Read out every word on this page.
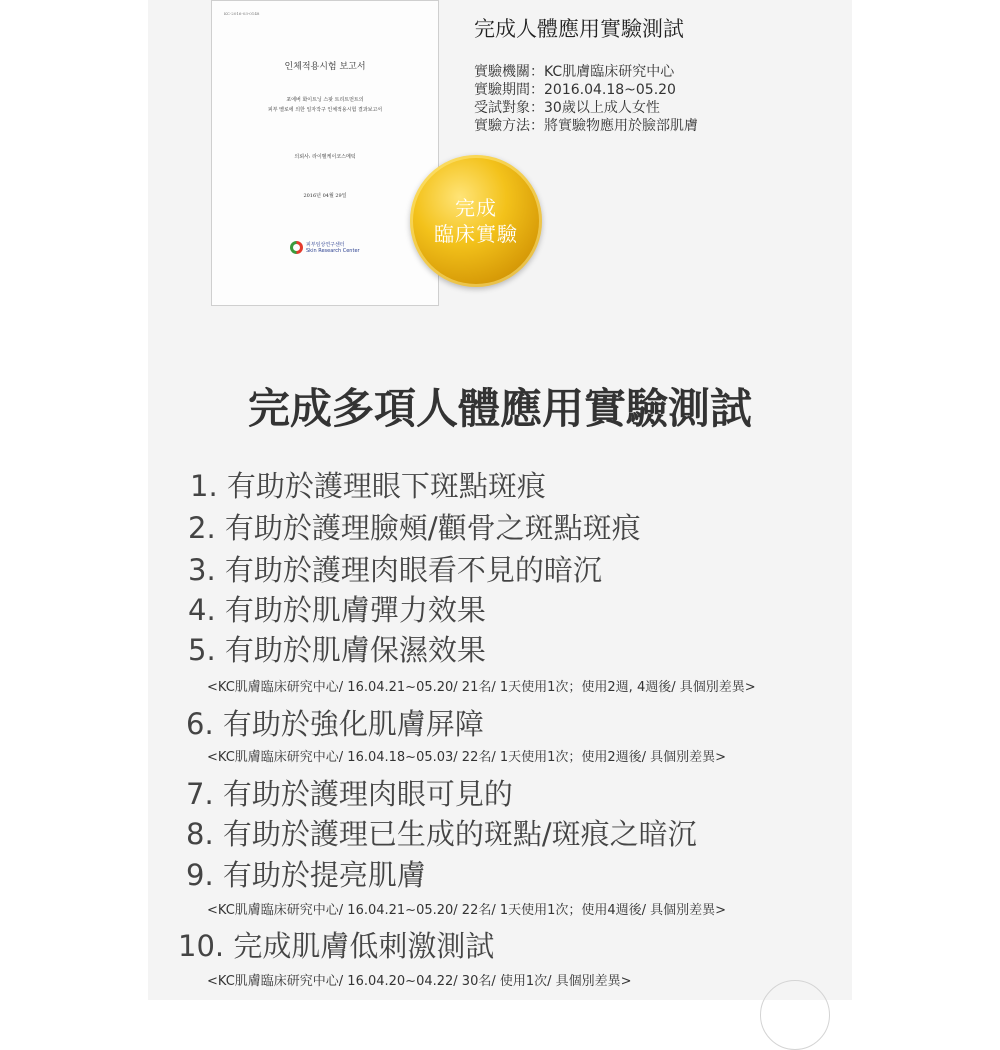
KC-2016-03-0148
인체적용시험 보고서
포에버 화이트닝 스팟 트리트먼트의
피부 멜로에 의한 일자작구 인체적용시험 결과보고서
의뢰사: 라이벨케이코스메틱
2016년 04월 29일
피부임상연구센터
Skin Research Center
完成
臨床實驗
完成人體應用實驗測試
實驗機關：KC肌膚臨床研究中心
實驗期間：2016.04.18~05.20
受試對象：30歲以上成人女性
實驗方法：將實驗物應用於臉部肌膚
完成多項人體應用實驗測試
1. 有助於護理眼下斑點斑痕
2. 有助於護理臉頰/顴骨之斑點斑痕
3. 有助於護理肉眼看不見的暗沉
4. 有助於肌膚彈力效果
5. 有助於肌膚保濕效果
<KC肌膚臨床研究中心/ 16.04.21~05.20/ 21名/ 1天使用1次；使用2週, 4週後/ 具個別差異>
6. 有助於強化肌膚屏障
<KC肌膚臨床研究中心/ 16.04.18~05.03/ 22名/ 1天使用1次；使用2週後/ 具個別差異>
7. 有助於護理肉眼可見的
8. 有助於護理已生成的斑點/斑痕之暗沉
9. 有助於提亮肌膚
<KC肌膚臨床研究中心/ 16.04.21~05.20/ 22名/ 1天使用1次；使用4週後/ 具個別差異>
10. 完成肌膚低刺激測試
<KC肌膚臨床研究中心/ 16.04.20~04.22/ 30名/ 使用1次/ 具個別差異>
